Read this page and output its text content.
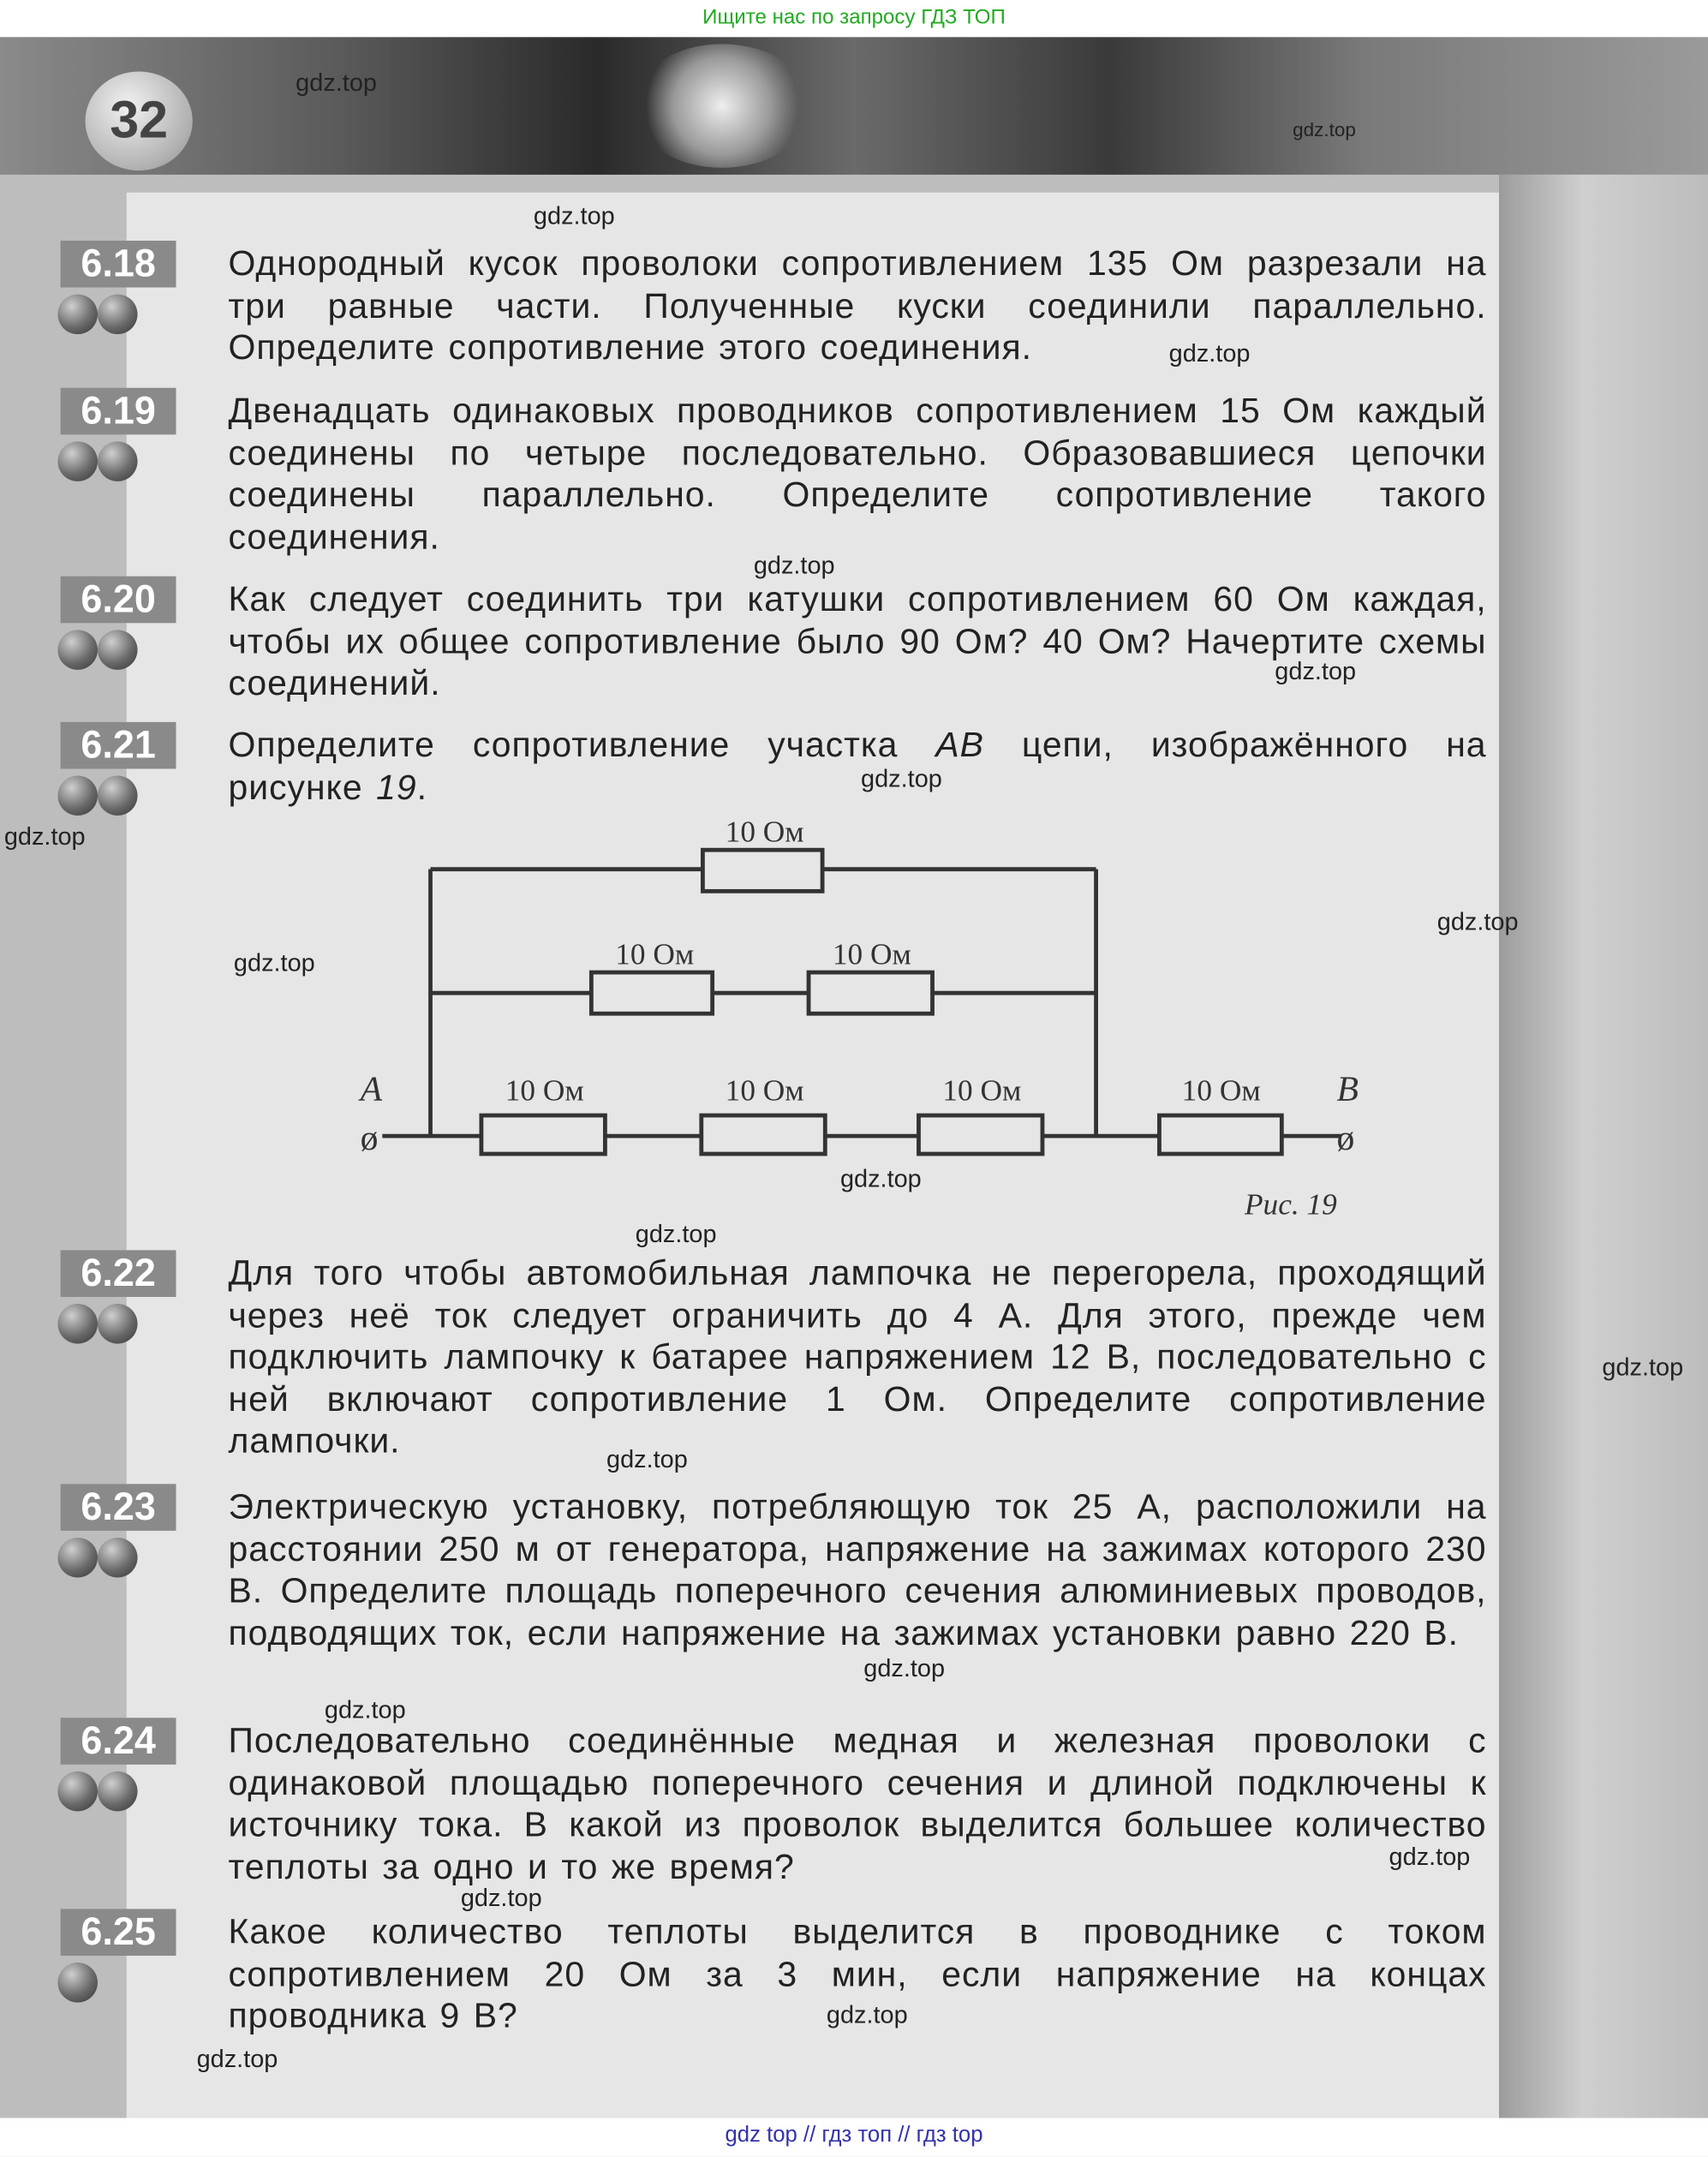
Ищите нас по запросу ГДЗ ТОП
32
6.18	Однородный кусок проволоки сопротивлением 135 Ом разрезали на три равные части. Полученные куски соединили параллельно. Определите сопротивление этого соединения.
6.19	Двенадцать одинаковых проводников сопротивлением 15 Ом каждый соединены по четыре последовательно. Образовавшиеся цепочки соединены параллельно. Определите сопротивление такого соединения.
6.20	Как следует соединить три катушки сопротивлением 60 Ом каждая, чтобы их общее сопротивление было 90 Ом? 40 Ом? Начертите схемы соединений.
6.21	Определите сопротивление участка AB цепи, изображённого на рисунке 19.
10 Ом
10 Ом	10 Ом
10 Ом	10 Ом	10 Ом	10 Ом
A	B
ø	ø
Рис. 19
6.22	Для того чтобы автомобильная лампочка не перегорела, проходящий через неё ток следует ограничить до 4 А. Для этого, прежде чем подключить лампочку к батарее напряжением 12 В, последовательно с ней включают сопротивление 1 Ом. Определите сопротивление лампочки.
6.23	Электрическую установку, потребляющую ток 25 А, расположили на расстоянии 250 м от генератора, напряжение на зажимах которого 230 В. Определите площадь поперечного сечения алюминиевых проводов, подводящих ток, если напряжение на зажимах установки равно 220 В.
6.24	Последовательно соединённые медная и железная проволоки с одинаковой площадью поперечного сечения и длиной подключены к источнику тока. В какой из проволок выделится большее количество теплоты за одно и то же время?
6.25	Какое количество теплоты выделится в проводнике с током сопротивлением 20 Ом за 3 мин, если напряжение на концах проводника 9 В?
gdz.top
gdz.top
gdz.top
gdz.top
gdz.top
gdz.top
gdz.top
gdz.top
gdz.top
gdz.top
gdz.top
gdz.top
gdz.top
gdz.top
gdz.top
gdz.top
gdz.top
gdz.top
gdz.top
gdz.top
gdz top // гдз топ // гдз top
